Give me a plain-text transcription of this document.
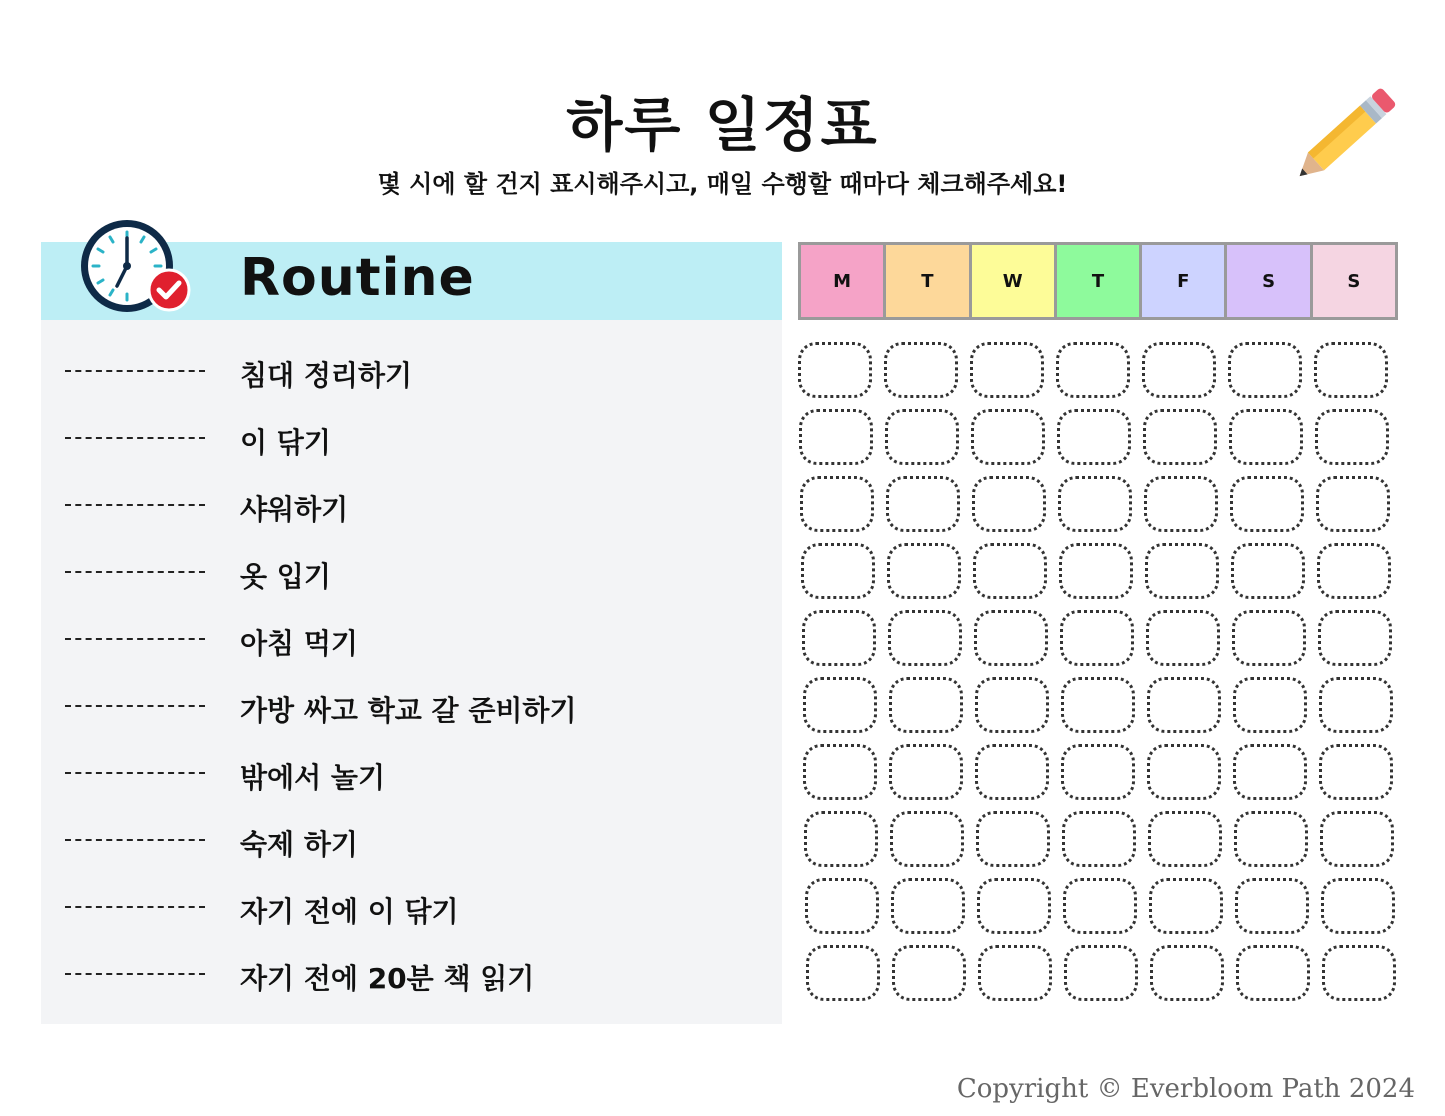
하루 일정표
몇 시에 할 건지 표시해주시고, 매일 수행할 때마다 체크해주세요!
Routine
침대 정리하기
이 닦기
샤워하기
옷 입기
아침 먹기
가방 싸고 학교 갈 준비하기
밖에서 놀기
숙제 하기
자기 전에 이 닦기
자기 전에 20분 책 읽기
M	T	W	T	F	S	S
Copyright © Everbloom Path 2024
